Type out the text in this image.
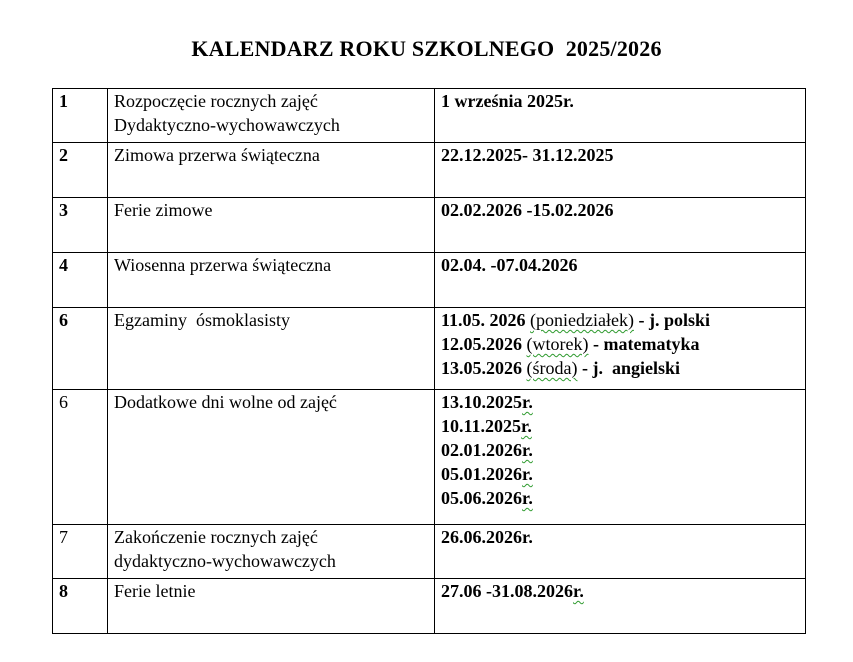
KALENDARZ ROKU SZKOLNEGO  2025/2026
1	Rozpoczęcie rocznych zajęć
Dydaktyczno-wychowawczych	1 września 2025r.

2	Zimowa przerwa świąteczna	22.12.2025- 31.12.2025

3	Ferie zimowe	02.02.2026 -15.02.2026

4	Wiosenna przerwa świąteczna	02.04. -07.04.2026

6	Egzaminy  ósmoklasisty	11.05. 2026 (poniedziałek) - j. polski
12.05.2026 (wtorek) - matematyka
13.05.2026 (środa) - j.  angielski

6	Dodatkowe dni wolne od zajęć	13.10.2025r.
10.11.2025r.
02.01.2026r.
05.01.2026r.
05.06.2026r.

7	Zakończenie rocznych zajęć
dydaktyczno-wychowawczych	26.06.2026r.

8	Ferie letnie	27.06 -31.08.2026r.
